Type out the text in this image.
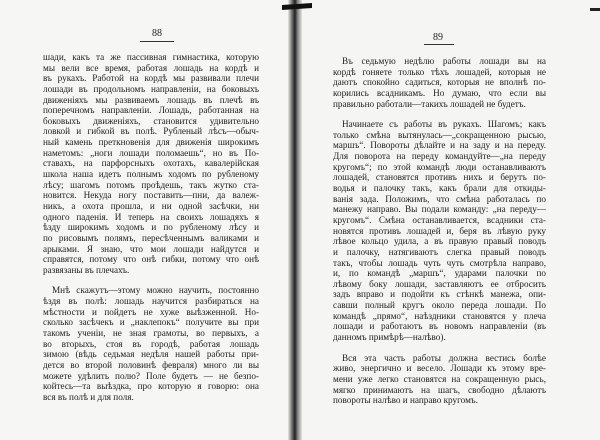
88
шади, какъ та же пассивная гимнастика, которую
мы вели все время, работая лошадь на кордѣ и
въ рукахъ. Работой на кордѣ мы развивали плечи
лошади въ продольномъ направленіи, на боковыхъ
движеніяхъ мы развиваемъ лошадь въ плечѣ въ
поперечномъ направленіи. Лошадь, работанная на
боковыхъ движеніяхъ, становится удивительно
ловкой и гибкой въ полѣ. Рубленый лѣсъ—обыч-
ный камень преткновенія для движенія широкимъ
наметомъ: „ноги лошади поломаешь“, но въ По-
ставахъ, на парфорсныхъ охотахъ, кавалерійская
школа наша идетъ полнымъ ходомъ по рубленому
лѣсу; шагомъ потомъ проѣдешь, такъ жутко ста-
новится. Некуда ногу поставить—пни, да валеж-
никъ, а охота прошла, и ни одной засѣчки, ни
одного паденія. И теперь на своихъ лошадяхъ я
ѣзду широкимъ ходомъ и по рубленому лѣсу и
по рисовымъ полямъ, пересѣченнымъ валиками и
арыками. Я знаю, что мои лошади найдутся и
справятся, потому что онѣ гибки, потому что онѣ
развязаны въ плечахъ.
Мнѣ скажутъ—этому можно научить, постоянно
ѣздя въ полѣ: лошадь научится разбираться на
мѣстности и пойдетъ не хуже выѣзженной. Но-
сколько засѣчекъ и „наклепокъ“ получите вы при
такомъ ученіи, не зная грамоты, во первыхъ, а
во вторыхъ, стоя въ городѣ, работая лошадь
зимою (вѣдь седьмая недѣля нашей работы при-
дется во второй половинѣ февраля) много ли вы
можете удѣлить полю? Поле будетъ — не безпо-
койтесь—та выѣздка, про которую я говорю: она
вся въ полѣ и для поля.
89
Въ седьмую недѣлю работы лошади вы на
кордѣ гоняете только тѣхъ лошадей, которыя не
даютъ спокойно садиться, которыя не вполнѣ по-
корились всадникамъ. Но думаю, что если вы
правильно работали—такихъ лошадей не будетъ.
Начинаете съ работы въ рукахъ. Шагомъ; какъ
только смѣна вытянулась—„сокращенною рысью,
маршъ“. Повороты дѣлайте и на заду и на переду.
Для поворота на переду командуйте—„на переду
кругомъ“; по этой командѣ люди останавливаютъ
лошадей, становятся противъ нихъ и берутъ по-
водья и палочку такъ, какъ брали для откиды-
ванія зада. Положимъ, что смѣна работалась по
манежу направо. Вы подали команду: „на переду—
кругомъ“. Смѣна останавливается, всадники ста-
новятся противъ лошадей и, беря въ лѣвую руку
лѣвое кольцо удила, а въ правую правый поводъ
и палочку, натягиваютъ слегка правый поводъ
такъ, чтобы лошадь чуть чуть смотрѣла направо,
и, по командѣ „маршъ“, ударами палочки по
лѣвому боку лошади, заставляютъ ее отбросить
задъ вправо и подойти къ стѣнкѣ манежа, опи-
савши полный кругъ около переда лошади. По
командѣ „прямо“, наѣздники становятся у плеча
лошади и работаютъ въ новомъ направленіи (въ
данномъ примѣрѣ—налѣво).
Вся эта часть работы должна вестись болѣе
живо, энергично и весело. Лошади къ этому вре-
мени уже легко становятся на сокращенную рысь,
мягко принимаютъ на шагъ, свободно дѣлаютъ
повороты налѣво и направо кругомъ.
